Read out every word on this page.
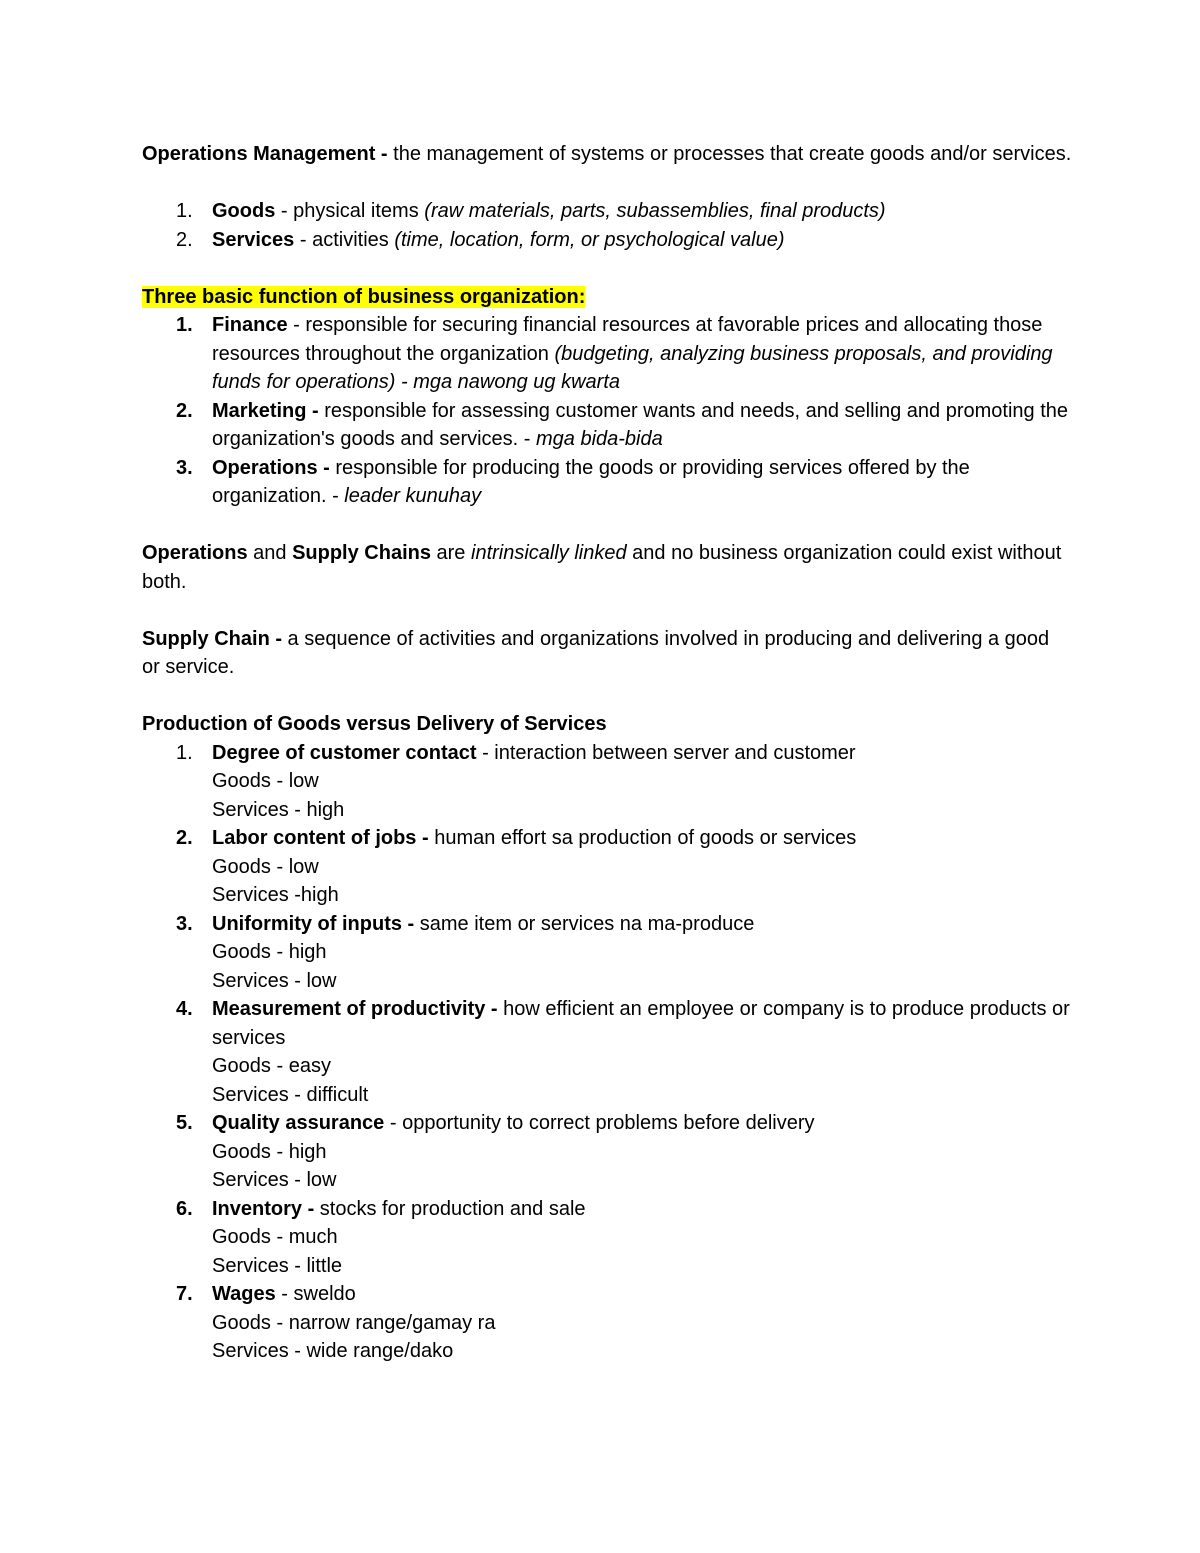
Operations Management - the management of systems or processes that create goods and/or services.

1. Goods - physical items (raw materials, parts, subassemblies, final products)
2. Services - activities (time, location, form, or psychological value)

Three basic function of business organization:

1. Finance - responsible for securing financial resources at favorable prices and allocating those resources throughout the organization (budgeting, analyzing business proposals, and providing funds for operations) - mga nawong ug kwarta
2. Marketing - responsible for assessing customer wants and needs, and selling and promoting the organization's goods and services. - mga bida-bida
3. Operations - responsible for producing the goods or providing services offered by the organization. - leader kunuhay

Operations and Supply Chains are intrinsically linked and no business organization could exist without both.

Supply Chain - a sequence of activities and organizations involved in producing and delivering a good or service.

Production of Goods versus Delivery of Services

1. Degree of customer contact - interaction between server and customer
Goods - low
Services - high
2. Labor content of jobs - human effort sa production of goods or services
Goods - low
Services -high
3. Uniformity of inputs - same item or services na ma-produce
Goods - high
Services - low
4. Measurement of productivity - how efficient an employee or company is to produce products or services
Goods - easy
Services - difficult
5. Quality assurance - opportunity to correct problems before delivery
Goods - high
Services - low
6. Inventory - stocks for production and sale
Goods - much
Services - little
7. Wages - sweldo
Goods - narrow range/gamay ra
Services - wide range/dako
